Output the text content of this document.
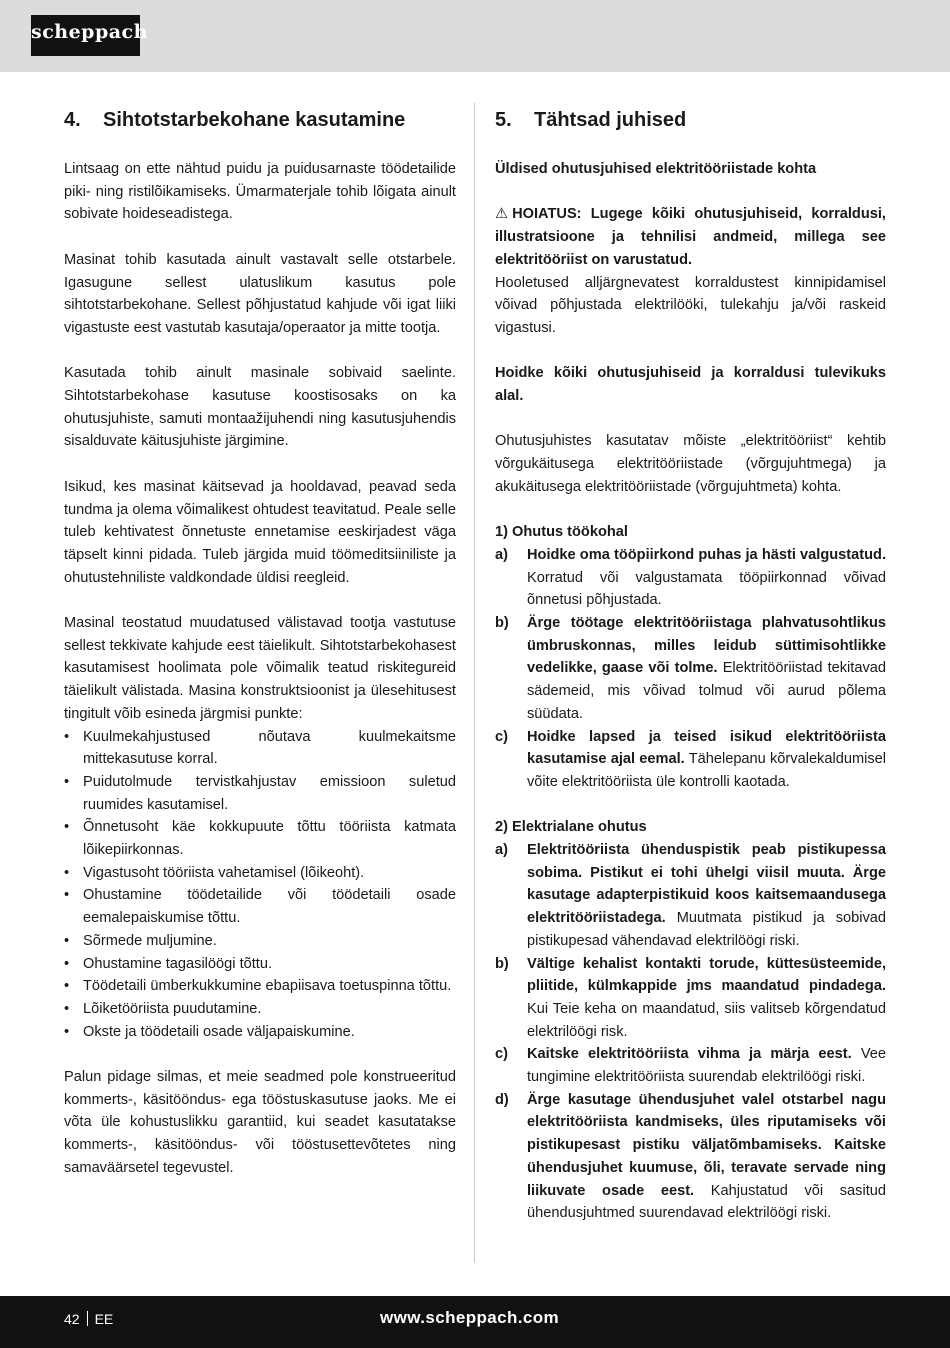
scheppach
4.	Sihtotstarbekohane kasutamine

Lintsaag on ette nähtud puidu ja puidusarnaste töödetailide piki- ning ristilõikamiseks. Ümarmaterjale tohib lõigata ainult sobivate hoideseadistega.

Masinat tohib kasutada ainult vastavalt selle otstarbele. Igasugune sellest ulatuslikum kasutus pole sihtotstarbekohane. Sellest põhjustatud kahjude või igat liiki vigastuste eest vastutab kasutaja/operaator ja mitte tootja.

Kasutada tohib ainult masinale sobivaid saelinte. Sihtotstarbekohase kasutuse koostisosaks on ka ohutusjuhiste, samuti montaažijuhendi ning kasutusjuhendis sisalduvate käitusjuhiste järgimine.

Isikud, kes masinat käitsevad ja hooldavad, peavad seda tundma ja olema võimalikest ohtudest teavitatud. Peale selle tuleb kehtivatest õnnetuste ennetamise eeskirjadest väga täpselt kinni pidada. Tuleb järgida muid töömeditsiiniliste ja ohutustehniliste valdkondade üldisi reegleid.

Masinal teostatud muudatused välistavad tootja vastutuse sellest tekkivate kahjude eest täielikult. Sihtotstarbekohasest kasutamisest hoolimata pole võimalik teatud riskitegureid täielikult välistada. Masina konstruktsioonist ja ülesehitusest tingitult võib esineda järgmisi punkte:

• Kuulmekahjustused nõutava kuulmekaitsme mittekasutuse korral.
• Puidutolmude tervistkahjustav emissioon suletud ruumides kasutamisel.
• Õnnetusoht käe kokkupuute tõttu tööriista katmata lõikepiirkonnas.
• Vigastusoht tööriista vahetamisel (lõikeoht).
• Ohustamine töödetailide või töödetaili osade eemalepaiskumise tõttu.
• Sõrmede muljumine.
• Ohustamine tagasilöögi tõttu.
• Töödetaili ümberkukkumine ebapiisava toetuspinna tõttu.
• Lõiketööriista puudutamine.
• Okste ja töödetaili osade väljapaiskumine.

Palun pidage silmas, et meie seadmed pole konstrueeritud kommerts-, käsitööndus- ega tööstuskasutuse jaoks. Me ei võta üle kohustuslikku garantiid, kui seadet kasutatakse kommerts-, käsitööndus- või tööstusettevõtetes ning samaväärsetel tegevustel.

5.	Tähtsad juhised

Üldised ohutusjuhised elektritööriistade kohta

⚠ HOIATUS: Lugege kõiki ohutusjuhiseid, korraldusi, illustratsioone ja tehnilisi andmeid, millega see elektritööriist on varustatud.

Hooletused alljärgnevatest korraldustest kinnipidamisel võivad põhjustada elektrilööki, tulekahju ja/või raskeid vigastusi.

Hoidke kõiki ohutusjuhiseid ja korraldusi tulevikuks alal.

Ohutusjuhistes kasutatav mõiste „elektritööriist“ kehtib võrgukäitusega elektritööriistade (võrgujuhtmega) ja akukäitusega elektritööriistade (võrgujuhtmeta) kohta.

1) Ohutus töökohal

a)	Hoidke oma tööpiirkond puhas ja hästi valgustatud. Korratud või valgustamata tööpiirkonnad võivad õnnetusi põhjustada.
b)	Ärge töötage elektritööriistaga plahvatusohtlikus ümbruskonnas, milles leidub süttimisohtlikke vedelikke, gaase või tolme. Elektritööriistad tekitavad sädemeid, mis võivad tolmud või aurud põlema süüdata.
c)	Hoidke lapsed ja teised isikud elektritööriista kasutamise ajal eemal. Tähelepanu kõrvalekaldumisel võite elektritööriista üle kontrolli kaotada.

2) Elektrialane ohutus

a)	Elektritööriista ühenduspistik peab pistikupessa sobima. Pistikut ei tohi ühelgi viisil muuta. Ärge kasutage adapterpistikuid koos kaitsemaandusega elektritööriistadega. Muutmata pistikud ja sobivad pistikupesad vähendavad elektrilöögi riski.
b)	Vältige kehalist kontakti torude, küttesüsteemide, pliitide, külmkappide jms maandatud pindadega. Kui Teie keha on maandatud, siis valitseb kõrgendatud elektrilöögi risk.
c)	Kaitske elektritööriista vihma ja märja eest. Vee tungimine elektritööriista suurendab elektrilöögi riski.
d)	Ärge kasutage ühendusjuhet valel otstarbel nagu elektritööriista kandmiseks, üles riputamiseks või pistikupesast pistiku väljatõmbamiseks. Kaitske ühendusjuhet kuumuse, õli, teravate servade ning liikuvate osade eest. Kahjustatud või sasitud ühendusjuhtmed suurendavad elektrilöögi riski.
42 EE	www.scheppach.com
